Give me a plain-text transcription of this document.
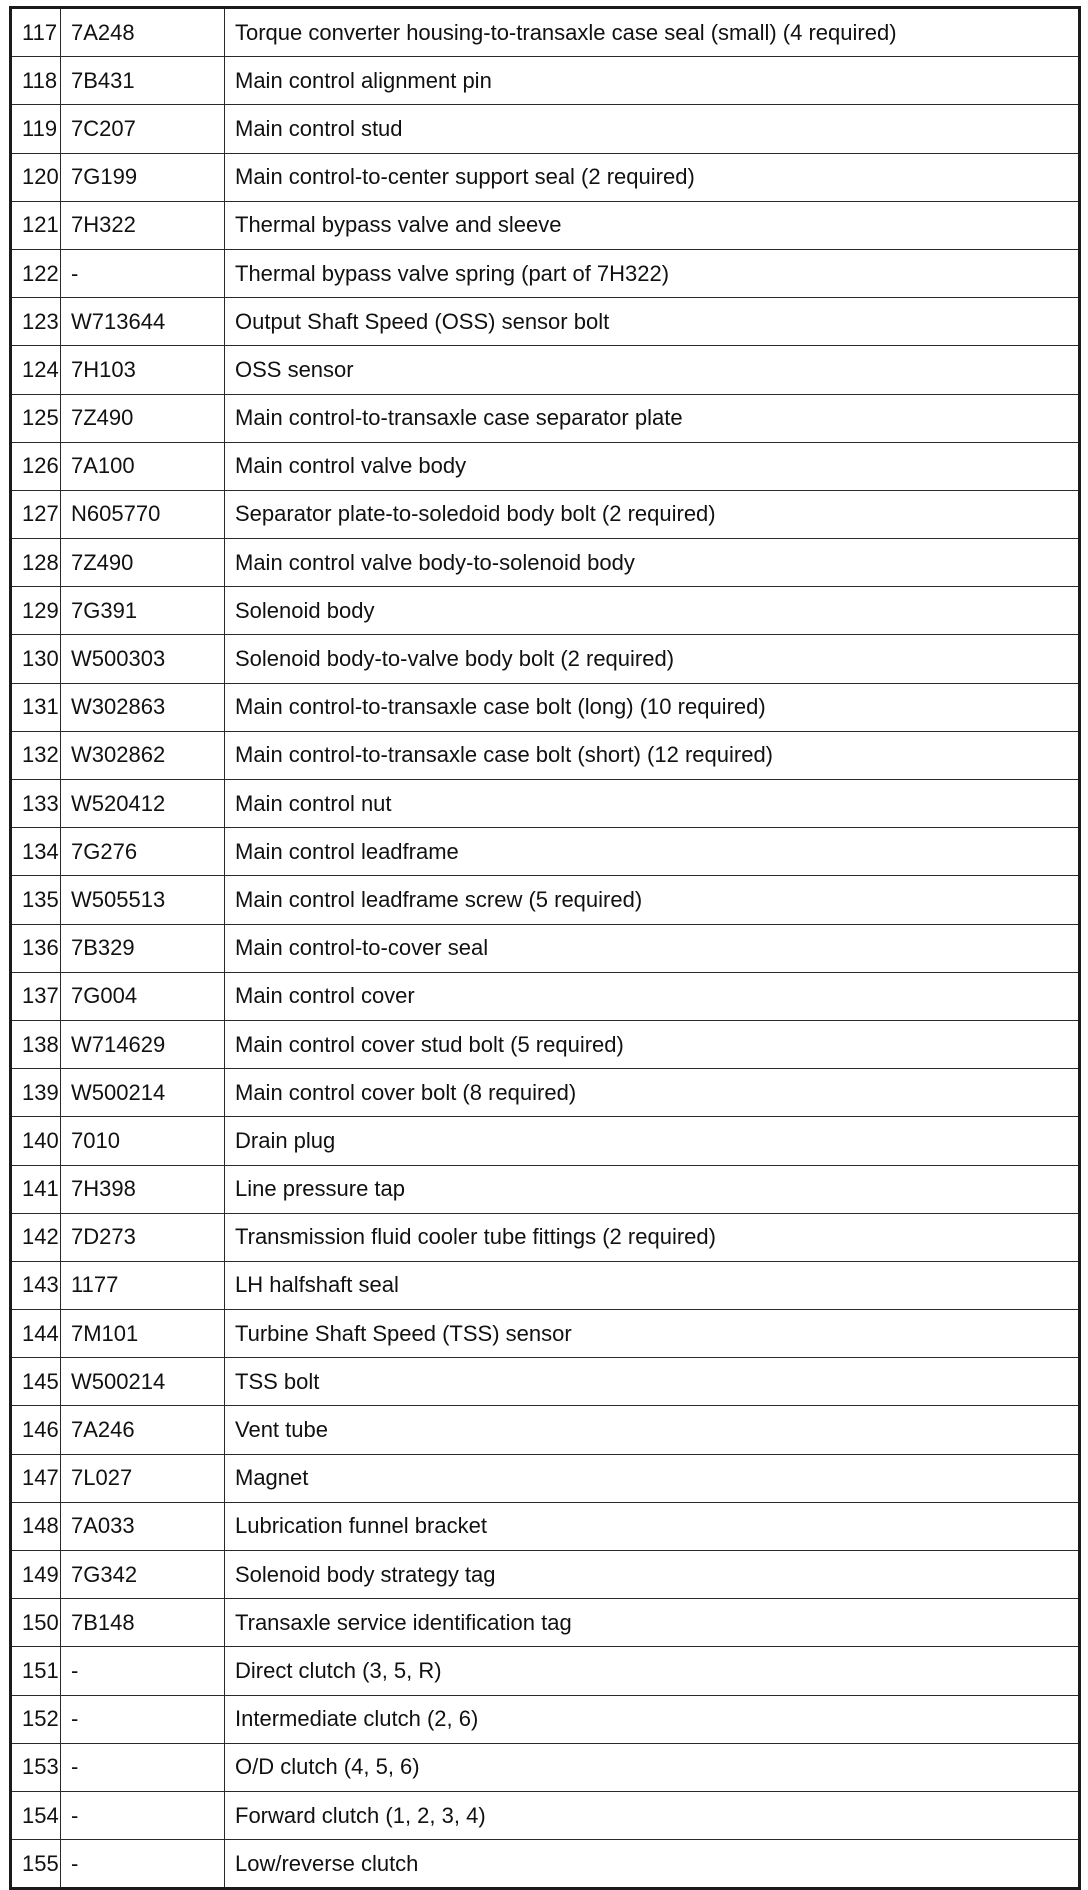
117	7A248	Torque converter housing-to-transaxle case seal (small) (4 required)
118	7B431	Main control alignment pin
119	7C207	Main control stud
120	7G199	Main control-to-center support seal (2 required)
121	7H322	Thermal bypass valve and sleeve
122	-	Thermal bypass valve spring (part of 7H322)
123	W713644	Output Shaft Speed (OSS) sensor bolt
124	7H103	OSS sensor
125	7Z490	Main control-to-transaxle case separator plate
126	7A100	Main control valve body
127	N605770	Separator plate-to-soledoid body bolt (2 required)
128	7Z490	Main control valve body-to-solenoid body
129	7G391	Solenoid body
130	W500303	Solenoid body-to-valve body bolt (2 required)
131	W302863	Main control-to-transaxle case bolt (long) (10 required)
132	W302862	Main control-to-transaxle case bolt (short) (12 required)
133	W520412	Main control nut
134	7G276	Main control leadframe
135	W505513	Main control leadframe screw (5 required)
136	7B329	Main control-to-cover seal
137	7G004	Main control cover
138	W714629	Main control cover stud bolt (5 required)
139	W500214	Main control cover bolt (8 required)
140	7010	Drain plug
141	7H398	Line pressure tap
142	7D273	Transmission fluid cooler tube fittings (2 required)
143	1177	LH halfshaft seal
144	7M101	Turbine Shaft Speed (TSS) sensor
145	W500214	TSS bolt
146	7A246	Vent tube
147	7L027	Magnet
148	7A033	Lubrication funnel bracket
149	7G342	Solenoid body strategy tag
150	7B148	Transaxle service identification tag
151	-	Direct clutch (3, 5, R)
152	-	Intermediate clutch (2, 6)
153	-	O/D clutch (4, 5, 6)
154	-	Forward clutch (1, 2, 3, 4)
155	-	Low/reverse clutch
